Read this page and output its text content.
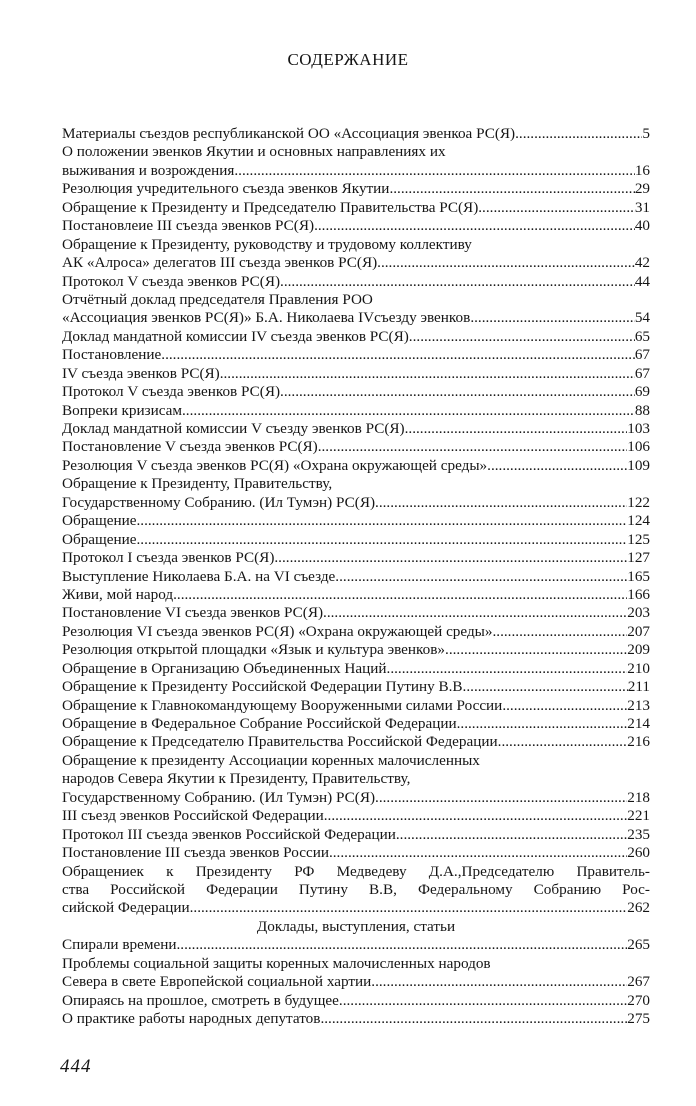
СОДЕРЖАНИЕ
Материалы съездов республиканской ОО «Ассоциация эвенкоа РС(Я) .....	5
О положении эвенков Якутии и основных направлениях их
выживания и возрождения .....	16
Резолюция учредительного съезда эвенков Якутии .....	29
Обращение к Президенту и Председателю Правительства РС(Я) .....	31
Постановлеие III съезда эвенков РС(Я) .....	40
Обращение к Президенту, руководству и трудовому коллективу
АК «Алроса» делегатов III съезда эвенков РС(Я) .....	42
Протокол V съезда эвенков РС(Я) .....	44
Отчётный доклад председателя Правления РОО
«Ассоциация эвенков РС(Я)» Б.А. Николаева IVсъезду эвенков .....	54
Доклад мандатной комиссии IV съезда эвенков РС(Я) .....	65
Постановление .....	67
IV съезда эвенков РС(Я) .....	67
Протокол V съезда эвенков РС(Я) .....	69
Вопреки кризисам .....	88
Доклад мандатной комиссии V съезду эвенков РС(Я) .....	103
Постановление V съезда эвенков РС(Я) .....	106
Резолюция V съезда эвенков РС(Я) «Охрана окружающей среды» .....	109
Обращение к Президенту, Правительству,
Государственному Собранию. (Ил Тумэн) РС(Я) .....	122
Обращение .....	124
Обращение .....	125
Протокол I съезда эвенков РС(Я) .....	127
Выступление Николаева Б.А. на VI съезде .....	165
Живи, мой народ .....	166
Постановление VI съезда эвенков РС(Я) .....	203
Резолюция VI съезда эвенков РС(Я) «Охрана окружающей среды» .....	207
Резолюция открытой площадки «Язык и культура эвенков» .....	209
Обращение в Организацию Объединенных Наций .....	210
Обращение к Президенту Российской Федерации Путину В.В .....	211
Обращение к Главнокомандующему Вооруженными силами России .....	213
Обращение в Федеральное Собрание Российской Федерации .....	214
Обращение к Председателю Правительства Российской Федерации .....	216
Обращение к президенту Ассоциации коренных малочисленных
народов Севера Якутии к Президенту, Правительству,
Государственному Собранию. (Ил Тумэн) РС(Я) .....	218
III съезд эвенков Российской Федерации .....	221
Протокол III съезда эвенков Российской Федерации .....	235
Постановление III съезда эвенков России .....	260
Обращениек к Президенту РФ Медведеву Д.А.,Председателю Правитель-
ства Российской Федерации Путину В.В, Федеральному Собранию Рос-
сийской Федерации .....	262
Доклады, выступления, статьи
Спирали времени .....	265
Проблемы социальной защиты коренных малочисленных народов
Севера в свете Европейской социальной хартии .....	267
Опираясь на прошлое, смотреть в будущее .....	270
О практике работы народных депутатов .....	275
444
